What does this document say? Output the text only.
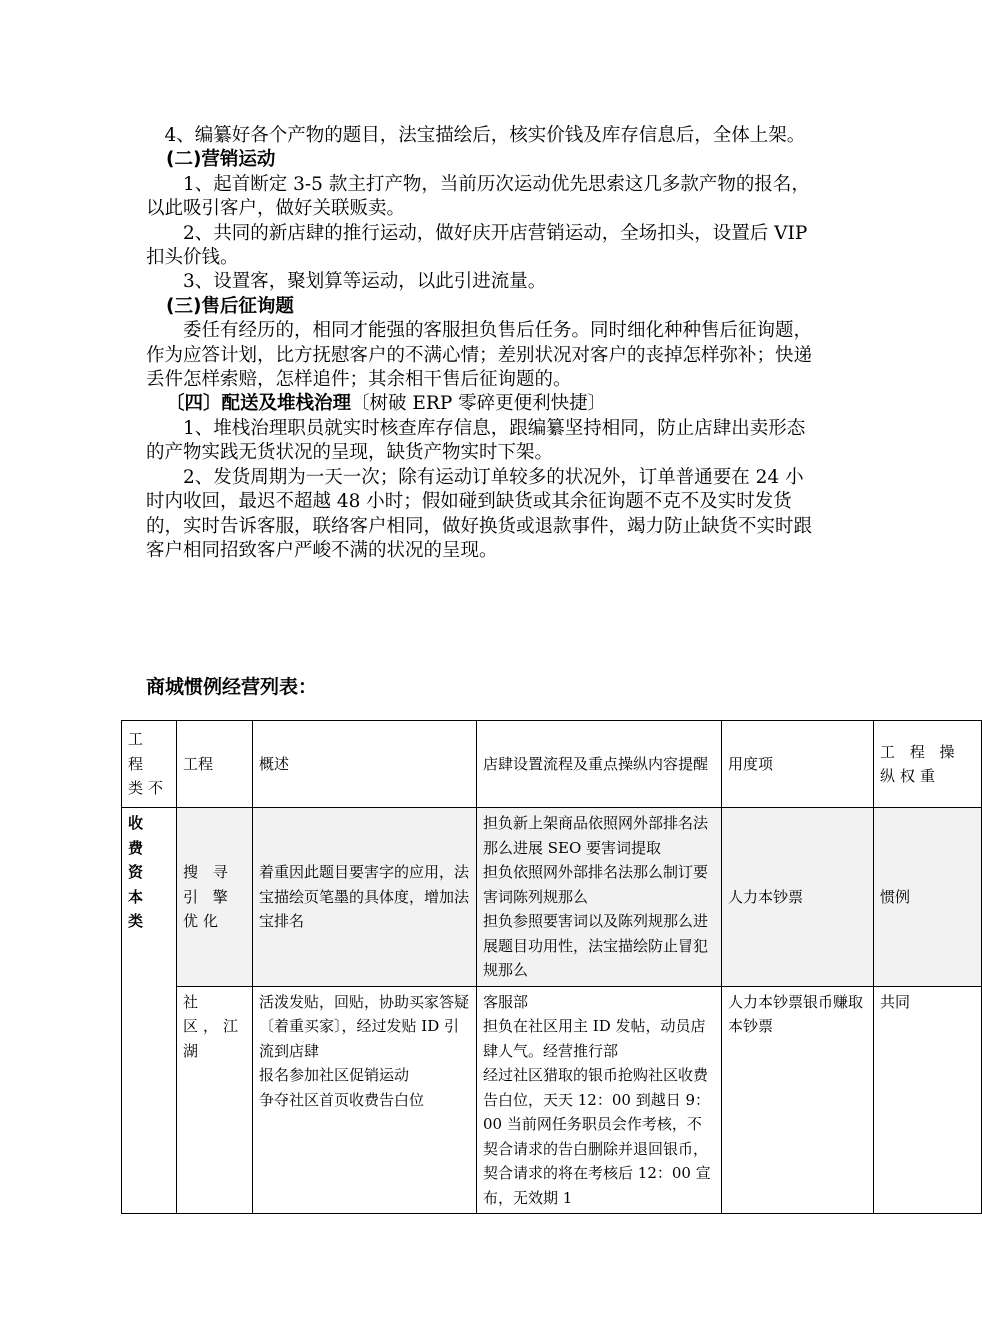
4、编纂好各个产物的题目，法宝描绘后，核实价钱及库存信息后，全体上架。

(二)营销运动

1、起首断定 3-5 款主打产物，当前历次运动优先思索这几多款产物的报名，以此吸引客户，做好关联贩卖。

2、共同的新店肆的推行运动，做好庆开店营销运动，全场扣头，设置后 VIP 扣头价钱。

3、设置客，聚划算等运动，以此引进流量。

(三)售后征询题

委任有经历的，相同才能强的客服担负售后任务。同时细化种种售后征询题，作为应答计划，比方抚慰客户的不满心情；差别状况对客户的丧掉怎样弥补；快递丢件怎样索赔，怎样追件；其余相干售后征询题的。

〔四〕配送及堆栈治理〔树破 ERP 零碎更便利快捷〕

1、堆栈治理职员就实时核查库存信息，跟编纂坚持相同，防止店肆出卖形态的产物实践无货状况的呈现，缺货产物实时下架。

2、发货周期为一天一次；除有运动订单较多的状况外，订单普通要在 24 小时内收回，最迟不超越 48 小时；假如碰到缺货或其余征询题不克不及实时发货的，实时告诉客服，联络客户相同，做好换货或退款事件，竭力防止缺货不实时跟客户相同招致客户严峻不满的状况的呈现。

商城惯例经营列表：
工 程 类不	工程	概述	店肆设置流程及重点操纵内容提醒	用度项	工 程 操 纵权重
收 费 资 本 类	搜 寻 引 擎优化	着重因此题目要害字的应用，法宝描绘页笔墨的具体度，增加法宝排名	担负新上架商品依照网外部排名法那么进展 SEO 要害词提取
担负依照网外部排名法那么制订要害词陈列规那么
担负参照要害词以及陈列规那么进展题目功用性，法宝描绘防止冒犯规那么	人力本钞票	惯例
	社 区，江湖	活泼发贴，回贴，协助买家答疑〔着重买家〕，经过发贴 ID 引流到店肆
报名参加社区促销运动
争夺社区首页收费告白位	客服部
担负在社区用主 ID 发帖，动员店肆人气。经营推行部
经过社区猎取的银币抢购社区收费告白位，天天 12：00 到越日 9：00 当前网任务职员会作考核，不契合请求的告白删除并退回银币，契合请求的将在考核后 12：00 宣布，无效期 1	人力本钞票银币赚取本钞票	共同
